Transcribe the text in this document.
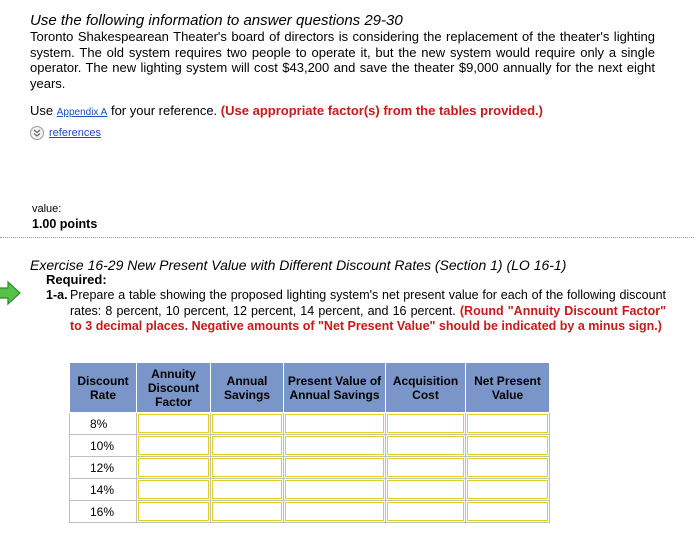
Use the following information to answer questions 29-30

Toronto Shakespearean Theater's board of directors is considering the replacement of the theater's lighting system. The old system requires two people to operate it, but the new system would require only a single operator. The new lighting system will cost $43,200 and save the theater $9,000 annually for the next eight years.

Use Appendix A for your reference. (Use appropriate factor(s) from the tables provided.)
references
value:
1.00 points
Exercise 16-29 New Present Value with Different Discount Rates (Section 1) (LO 16-1)
Required:
1-a. Prepare a table showing the proposed lighting system's net present value for each of the following discount rates: 8 percent, 10 percent, 12 percent, 14 percent, and 16 percent. (Round "Annuity Discount Factor" to 3 decimal places. Negative amounts of "Net Present Value" should be indicated by a minus sign.)
Discount Rate	Annuity Discount Factor	Annual Savings	Present Value of Annual Savings	Acquisition Cost	Net Present Value
8%	

10%	

12%	

14%	

16%	
